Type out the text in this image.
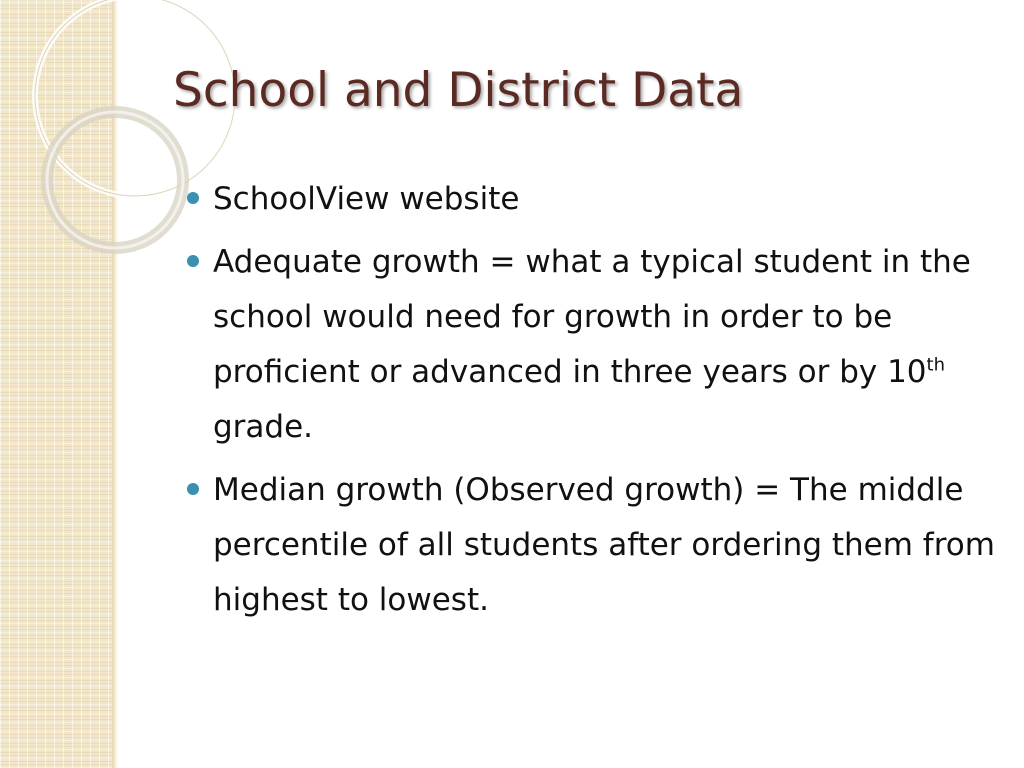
School and District Data
SchoolView website
Adequate growth = what a typical student in the school would need for growth in order to be proficient or advanced in three years or by 10th grade.
Median growth (Observed growth) = The middle percentile of all students after ordering them from highest to lowest.
